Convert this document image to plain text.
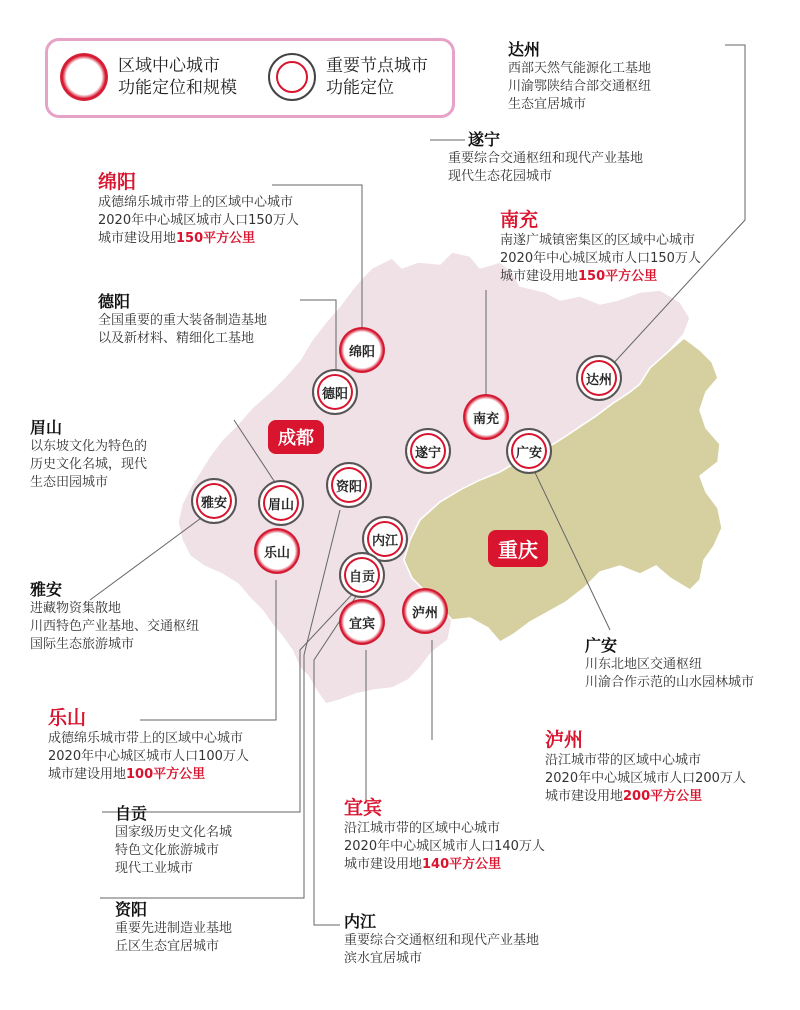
区域中心城市
功能定位和规模
重要节点城市
功能定位
成都
重庆
绵阳
德阳
南充
达州
遂宁	广安
资阳
雅安	眉山
乐山
内江
自贡
宜宾
泸州
达州
西部天然气能源化工基地
川渝鄂陕结合部交通枢纽
生态宜居城市
遂宁
重要综合交通枢纽和现代产业基地
现代生态花园城市
绵阳
成德绵乐城市带上的区域中心城市
2020年中心城区城市人口150万人
城市建设用地150平方公里
南充
南遂广城镇密集区的区域中心城市
2020年中心城区城市人口150万人
城市建设用地150平方公里
德阳
全国重要的重大装备制造基地
以及新材料、精细化工基地
眉山
以东坡文化为特色的
历史文化名城，现代
生态田园城市
雅安
进藏物资集散地
川西特色产业基地、交通枢纽
国际生态旅游城市	广安
川东北地区交通枢纽
川渝合作示范的山水园林城市
乐山
成德绵乐城市带上的区域中心城市
2020年中心城区城市人口100万人
城市建设用地100平方公里
泸州
沿江城市带的区域中心城市
2020年中心城区城市人口200万人
城市建设用地200平方公里
自贡
国家级历史文化名城
特色文化旅游城市
现代工业城市
宜宾
沿江城市带的区域中心城市
2020年中心城区城市人口140万人
城市建设用地140平方公里
资阳
重要先进制造业基地
丘区生态宜居城市
内江
重要综合交通枢纽和现代产业基地
滨水宜居城市
